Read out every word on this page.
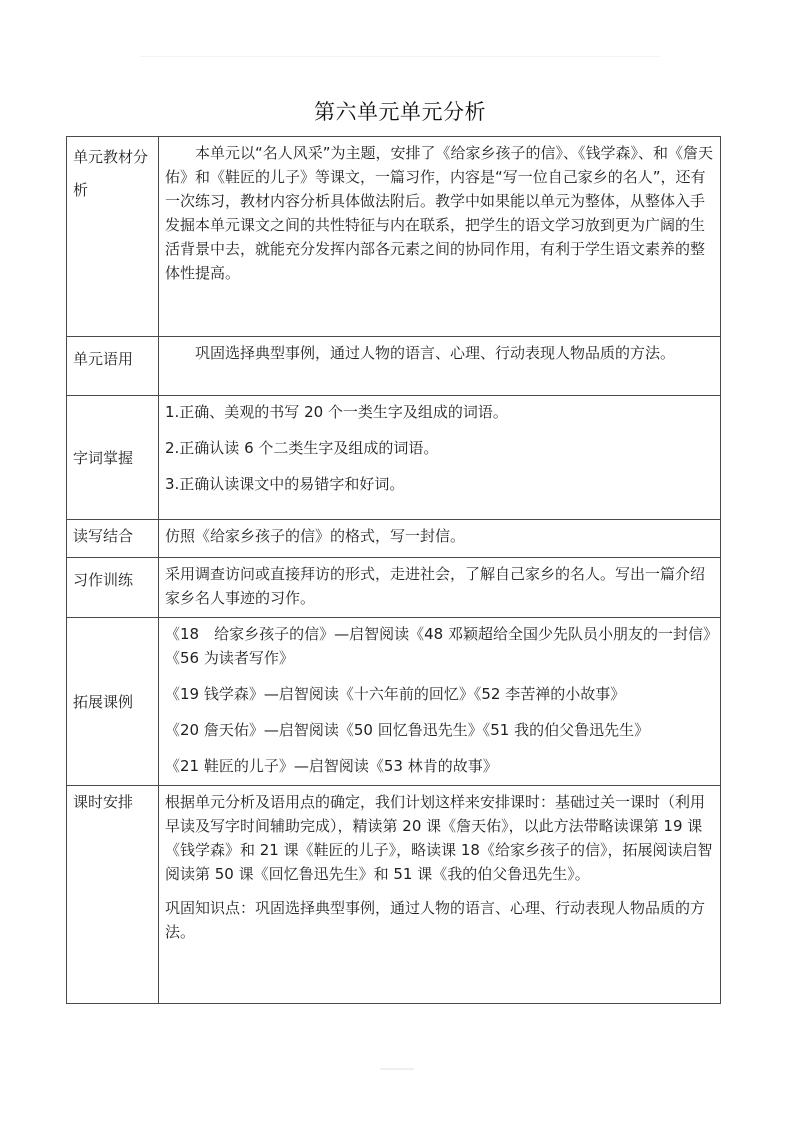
第六单元单元分析
单元教材分析	本单元以“名人风采”为主题，安排了《给家乡孩子的信》、《钱学森》、和《詹天佑》和《鞋匠的儿子》等课文，一篇习作，内容是“写一位自己家乡的名人”，还有一次练习，教材内容分析具体做法附后。教学中如果能以单元为整体，从整体入手发掘本单元课文之间的共性特征与内在联系，把学生的语文学习放到更为广阔的生活背景中去，就能充分发挥内部各元素之间的协同作用，有利于学生语文素养的整体性提高。

单元语用	巩固选择典型事例，通过人物的语言、心理、行动表现人物品质的方法。

字词掌握	1.正确、美观的书写 20 个一类生字及组成的词语。

2.正确认读 6 个二类生字及组成的词语。

3.正确认读课文中的易错字和好词。

读写结合	仿照《给家乡孩子的信》的格式，写一封信。

习作训练	采用调查访问或直接拜访的形式，走进社会，了解自己家乡的名人。写出一篇介绍家乡名人事迹的习作。

拓展课例	《18　给家乡孩子的信》—启智阅读《48 邓颖超给全国少先队员小朋友的一封信》《56 为读者写作》

《19 钱学森》—启智阅读《十六年前的回忆》《52 李苦禅的小故事》

《20 詹天佑》—启智阅读《50 回忆鲁迅先生》《51 我的伯父鲁迅先生》

《21 鞋匠的儿子》—启智阅读《53 林肯的故事》

课时安排	根据单元分析及语用点的确定，我们计划这样来安排课时：基础过关一课时（利用早读及写字时间辅助完成），精读第 20 课《詹天佑》，以此方法带略读课第 19 课《钱学森》和 21 课《鞋匠的儿子》，略读课 18《给家乡孩子的信》，拓展阅读启智阅读第 50 课《回忆鲁迅先生》和 51 课《我的伯父鲁迅先生》。

巩固知识点：巩固选择典型事例，通过人物的语言、心理、行动表现人物品质的方法。
